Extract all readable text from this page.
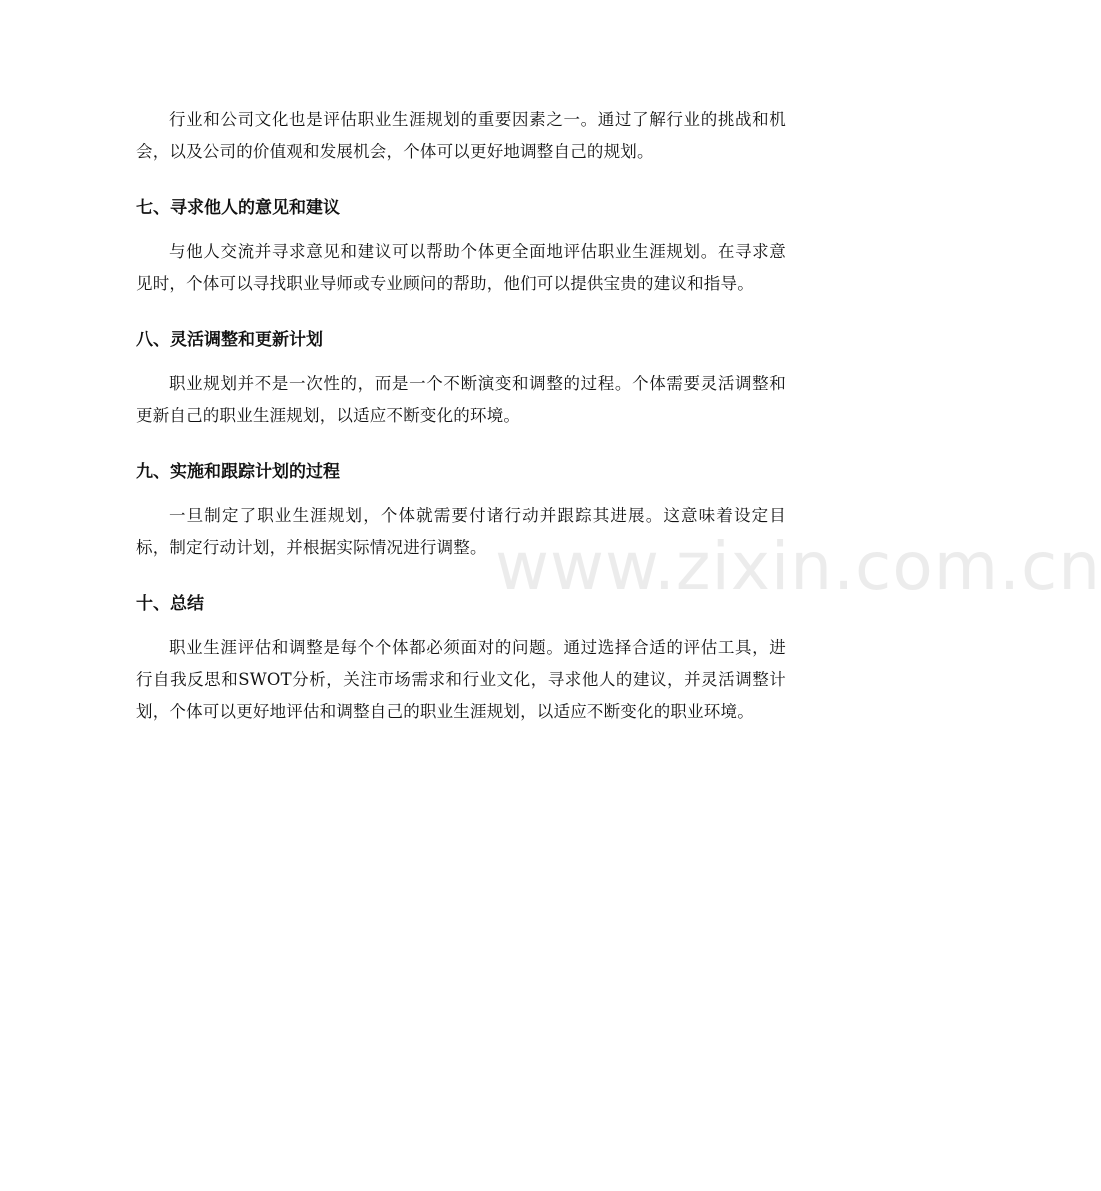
行业和公司文化也是评估职业生涯规划的重要因素之一。通过了解行业的挑战和机会，以及公司的价值观和发展机会，个体可以更好地调整自己的规划。

七、寻求他人的意见和建议

与他人交流并寻求意见和建议可以帮助个体更全面地评估职业生涯规划。在寻求意见时，个体可以寻找职业导师或专业顾问的帮助，他们可以提供宝贵的建议和指导。

八、灵活调整和更新计划

职业规划并不是一次性的，而是一个不断演变和调整的过程。个体需要灵活调整和更新自己的职业生涯规划，以适应不断变化的环境。

九、实施和跟踪计划的过程

一旦制定了职业生涯规划，个体就需要付诸行动并跟踪其进展。这意味着设定目标，制定行动计划，并根据实际情况进行调整。

十、总结

职业生涯评估和调整是每个个体都必须面对的问题。通过选择合适的评估工具，进行自我反思和SWOT分析，关注市场需求和行业文化，寻求他人的建议，并灵活调整计划，个体可以更好地评估和调整自己的职业生涯规划，以适应不断变化的职业环境。

www.zixin.com.cn
